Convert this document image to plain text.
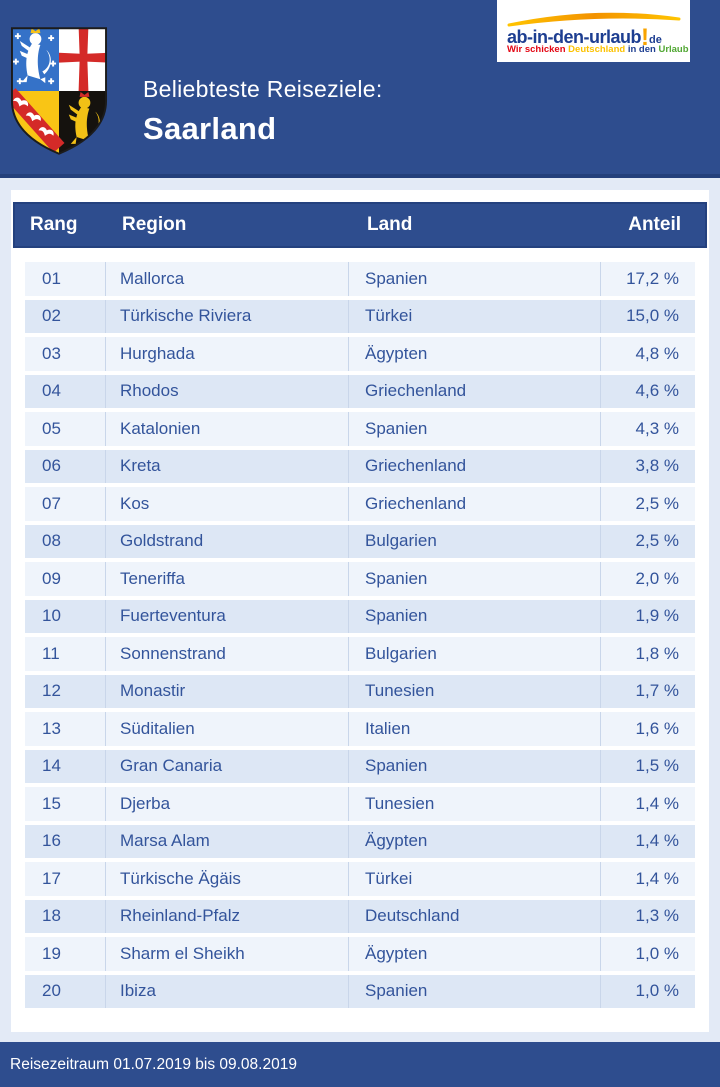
Beliebteste Reiseziele:
Saarland
ab-in-den-urlaub!de
Wir schicken Deutschland in den Urlaub
Rang	Region	Land	Anteil
01	Mallorca	Spanien	17,2 %
02	Türkische Riviera	Türkei	15,0 %
03	Hurghada	Ägypten	4,8 %
04	Rhodos	Griechenland	4,6 %
05	Katalonien	Spanien	4,3 %
06	Kreta	Griechenland	3,8 %
07	Kos	Griechenland	2,5 %
08	Goldstrand	Bulgarien	2,5 %
09	Teneriffa	Spanien	2,0 %
10	Fuerteventura	Spanien	1,9 %
11	Sonnenstrand	Bulgarien	1,8 %
12	Monastir	Tunesien	1,7 %
13	Süditalien	Italien	1,6 %
14	Gran Canaria	Spanien	1,5 %
15	Djerba	Tunesien	1,4 %
16	Marsa Alam	Ägypten	1,4 %
17	Türkische Ägäis	Türkei	1,4 %
18	Rheinland-Pfalz	Deutschland	1,3 %
19	Sharm el Sheikh	Ägypten	1,0 %
20	Ibiza	Spanien	1,0 %
Reisezeitraum 01.07.2019 bis 09.08.2019
